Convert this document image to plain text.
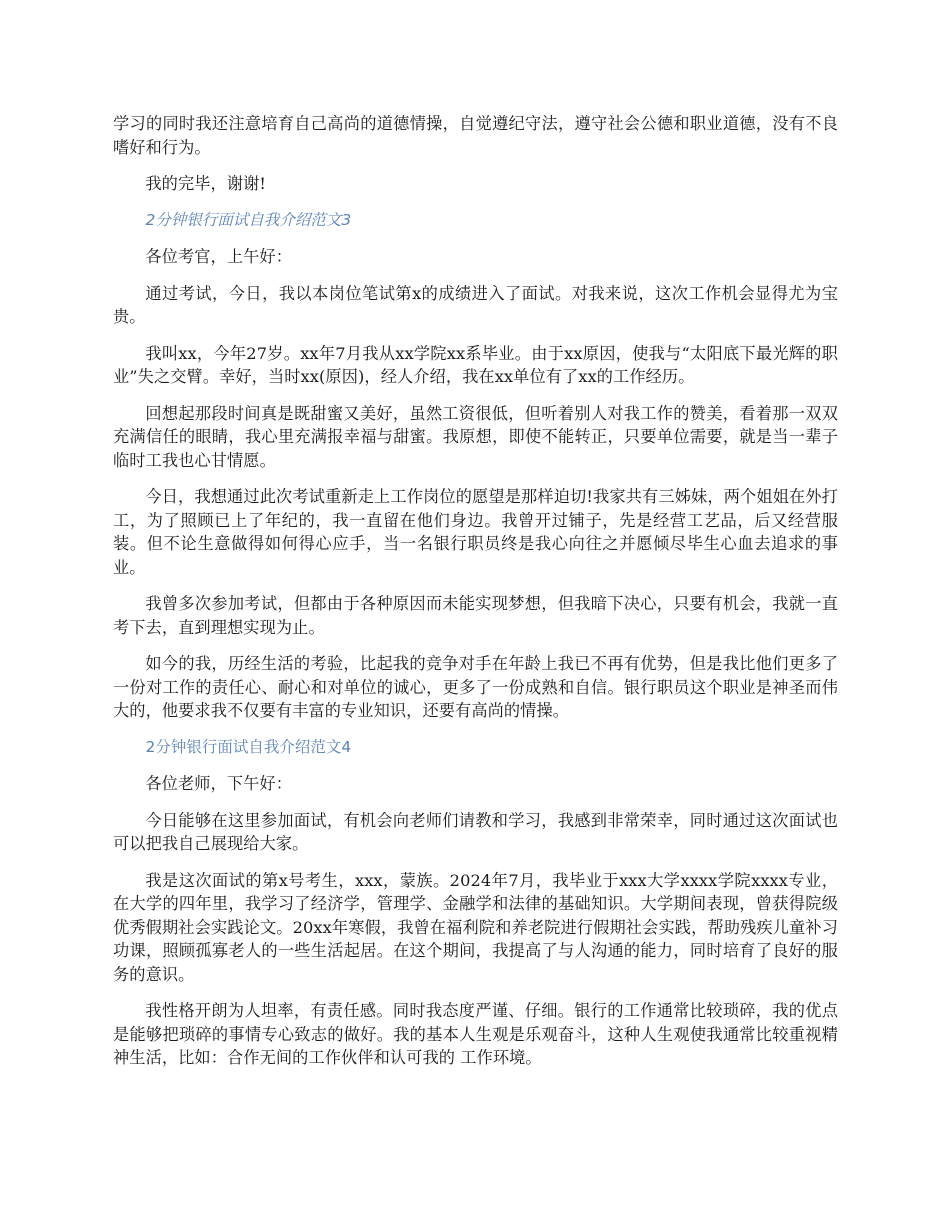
学习的同时我还注意培育自己高尚的道德情操，自觉遵纪守法，遵守社会公德和职业道德，没有不良嗜好和行为。

我的完毕，谢谢!

2分钟银行面试自我介绍范文3

各位考官，上午好：

通过考试，今日，我以本岗位笔试第x的成绩进入了面试。对我来说，这次工作机会显得尤为宝贵。

我叫xx，今年27岁。xx年7月我从xx学院xx系毕业。由于xx原因，使我与“太阳底下最光辉的职业”失之交臂。幸好，当时xx(原因)，经人介绍，我在xx单位有了xx的工作经历。

回想起那段时间真是既甜蜜又美好，虽然工资很低，但听着别人对我工作的赞美，看着那一双双充满信任的眼睛，我心里充满报幸福与甜蜜。我原想，即使不能转正，只要单位需要，就是当一辈子临时工我也心甘情愿。

今日，我想通过此次考试重新走上工作岗位的愿望是那样迫切!我家共有三姊妹，两个姐姐在外打工，为了照顾已上了年纪的，我一直留在他们身边。我曾开过铺子，先是经营工艺品，后又经营服装。但不论生意做得如何得心应手，当一名银行职员终是我心向往之并愿倾尽毕生心血去追求的事业。

我曾多次参加考试，但都由于各种原因而未能实现梦想，但我暗下决心，只要有机会，我就一直考下去，直到理想实现为止。

如今的我，历经生活的考验，比起我的竞争对手在年龄上我已不再有优势，但是我比他们更多了一份对工作的责任心、耐心和对单位的诚心，更多了一份成熟和自信。银行职员这个职业是神圣而伟大的，他要求我不仅要有丰富的专业知识，还要有高尚的情操。

2分钟银行面试自我介绍范文4

各位老师，下午好：

今日能够在这里参加面试，有机会向老师们请教和学习，我感到非常荣幸，同时通过这次面试也可以把我自己展现给大家。

我是这次面试的第x号考生，xxx，蒙族。2024年7月，我毕业于xxx大学xxxx学院xxxx专业，在大学的四年里，我学习了经济学，管理学、金融学和法律的基础知识。大学期间表现，曾获得院级优秀假期社会实践论文。20xx年寒假，我曾在福利院和养老院进行假期社会实践，帮助残疾儿童补习功课，照顾孤寡老人的一些生活起居。在这个期间，我提高了与人沟通的能力，同时培育了良好的服务的意识。

我性格开朗为人坦率，有责任感。同时我态度严谨、仔细。银行的工作通常比较琐碎，我的优点是能够把琐碎的事情专心致志的做好。我的基本人生观是乐观奋斗，这种人生观使我通常比较重视精神生活，比如：合作无间的工作伙伴和认可我的 工作环境。
